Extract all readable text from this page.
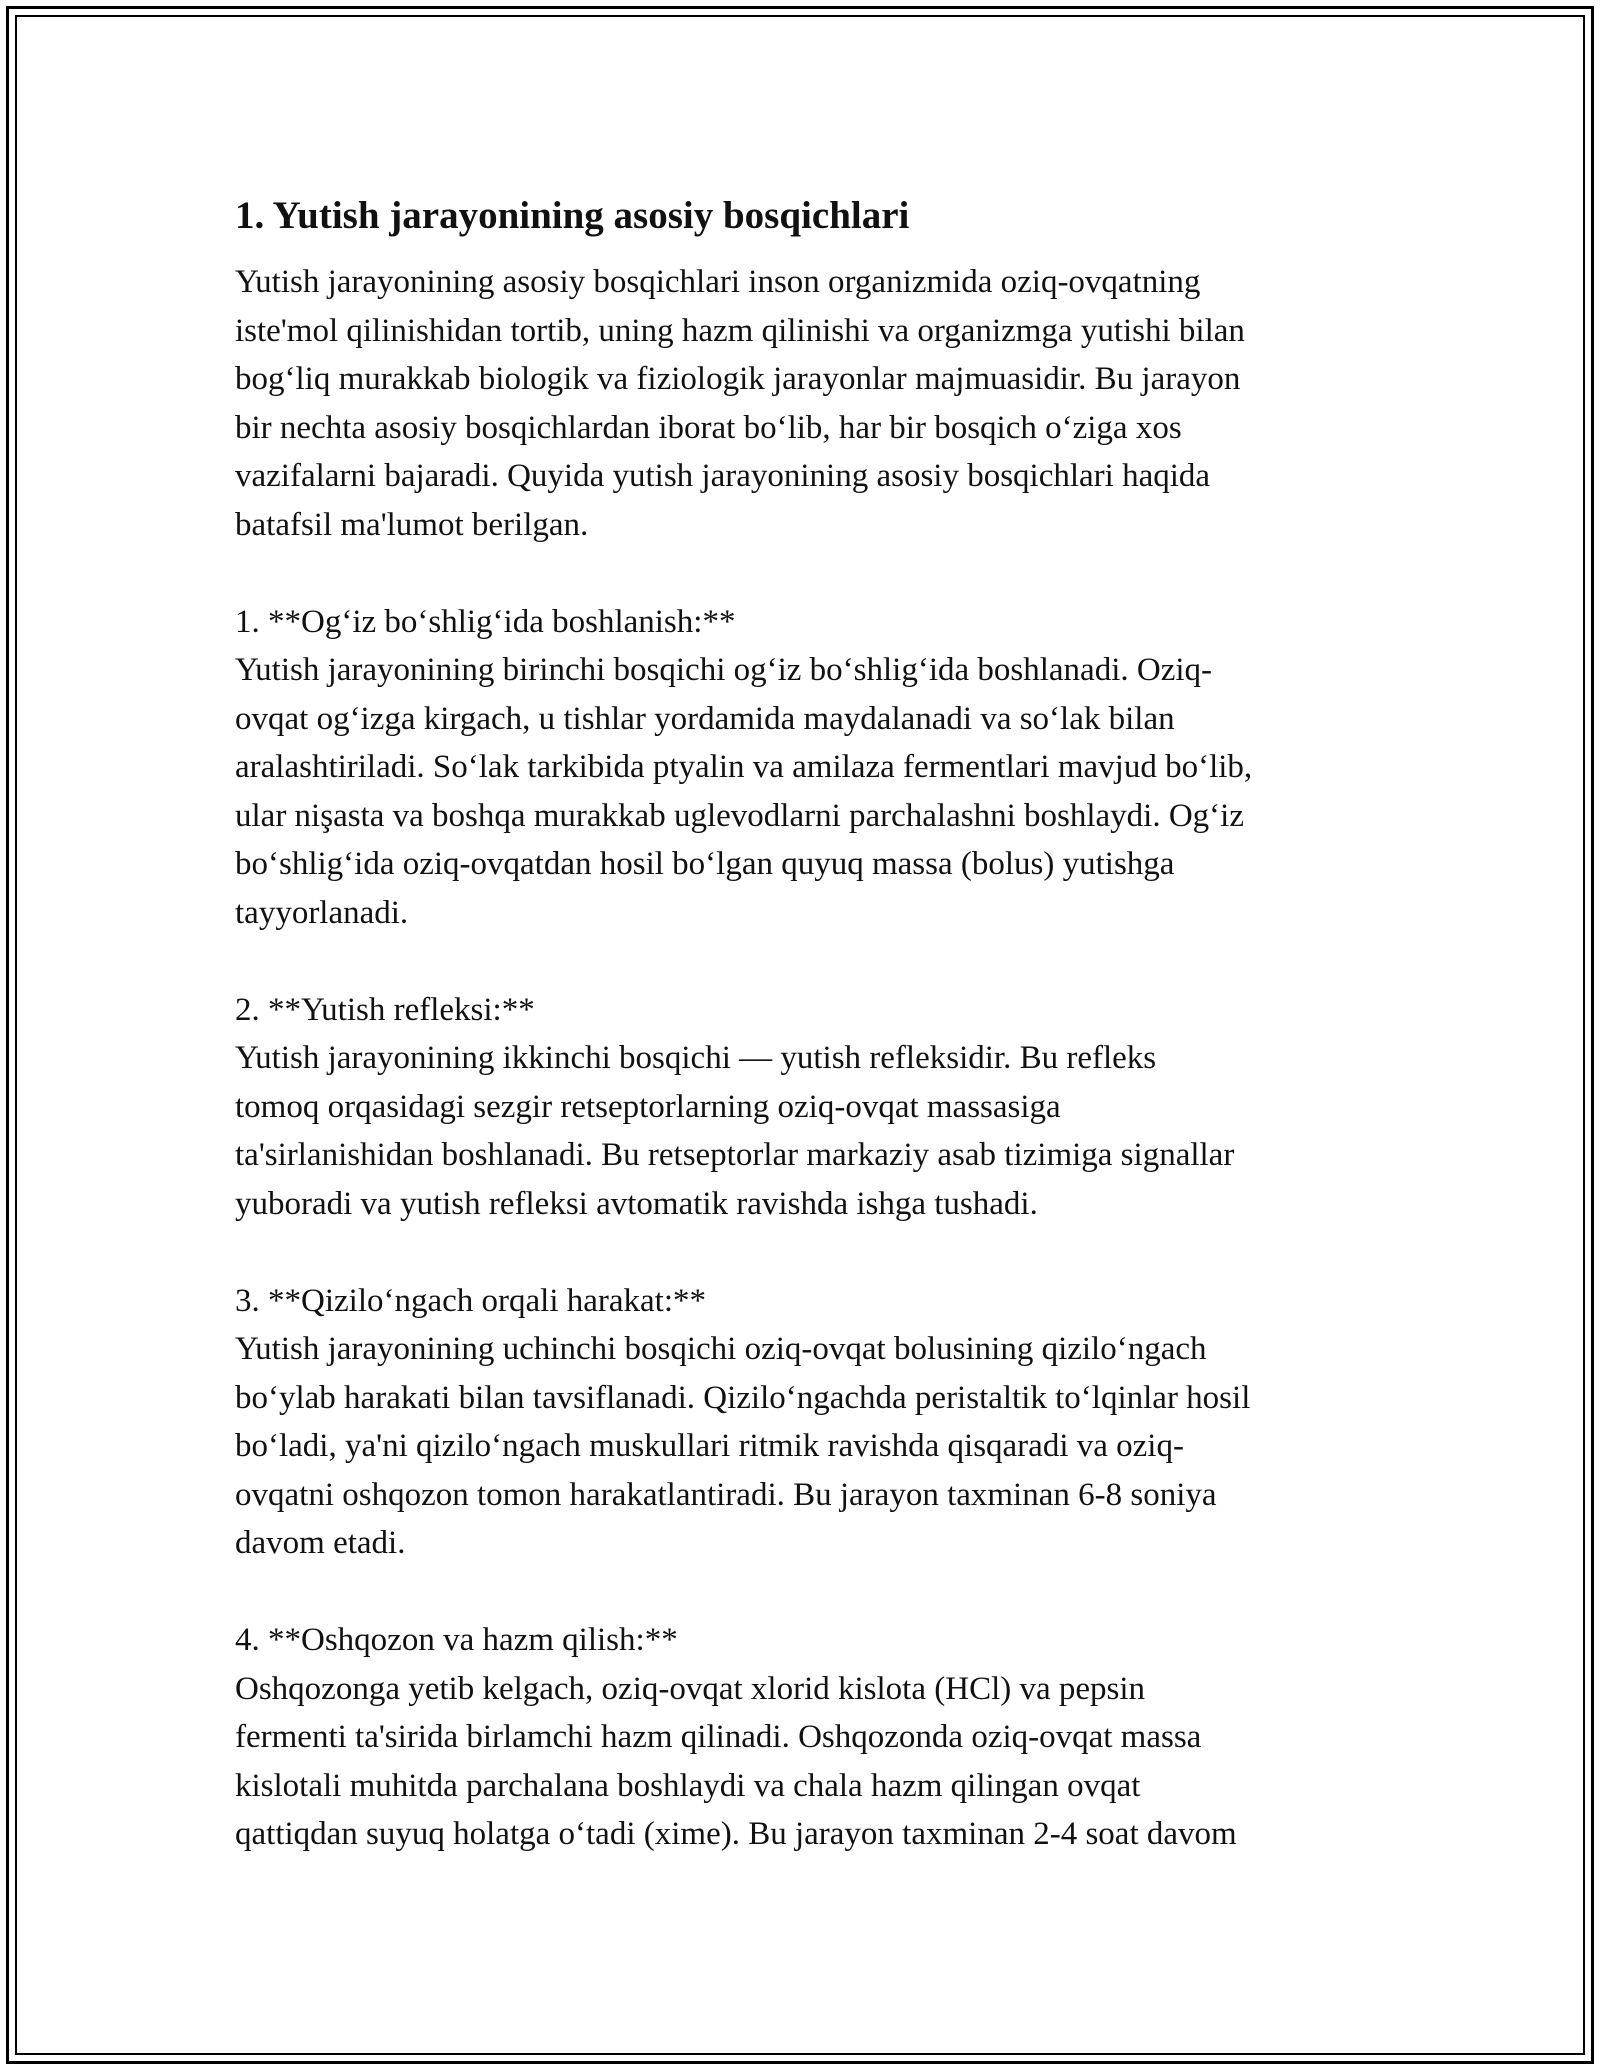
1. Yutish jarayonining asosiy bosqichlari

Yutish jarayonining asosiy bosqichlari inson organizmida oziq-ovqatning
iste'mol qilinishidan tortib, uning hazm qilinishi va organizmga yutishi bilan
bog‘liq murakkab biologik va fiziologik jarayonlar majmuasidir. Bu jarayon
bir nechta asosiy bosqichlardan iborat bo‘lib, har bir bosqich o‘ziga xos
vazifalarni bajaradi. Quyida yutish jarayonining asosiy bosqichlari haqida
batafsil ma'lumot berilgan.

1. **Og‘iz bo‘shlig‘ida boshlanish:**

Yutish jarayonining birinchi bosqichi og‘iz bo‘shlig‘ida boshlanadi. Oziq-
ovqat og‘izga kirgach, u tishlar yordamida maydalanadi va so‘lak bilan
aralashtiriladi. So‘lak tarkibida ptyalin va amilaza fermentlari mavjud bo‘lib,
ular nişasta va boshqa murakkab uglevodlarni parchalashni boshlaydi. Og‘iz
bo‘shlig‘ida oziq-ovqatdan hosil bo‘lgan quyuq massa (bolus) yutishga
tayyorlanadi.

2. **Yutish refleksi:**

Yutish jarayonining ikkinchi bosqichi — yutish refleksidir. Bu refleks
tomoq orqasidagi sezgir retseptorlarning oziq-ovqat massasiga
ta'sirlanishidan boshlanadi. Bu retseptorlar markaziy asab tizimiga signallar
yuboradi va yutish refleksi avtomatik ravishda ishga tushadi.

3. **Qizilo‘ngach orqali harakat:**

Yutish jarayonining uchinchi bosqichi oziq-ovqat bolusining qizilo‘ngach
bo‘ylab harakati bilan tavsiflanadi. Qizilo‘ngachda peristaltik to‘lqinlar hosil
bo‘ladi, ya'ni qizilo‘ngach muskullari ritmik ravishda qisqaradi va oziq-
ovqatni oshqozon tomon harakatlantiradi. Bu jarayon taxminan 6-8 soniya
davom etadi.

4. **Oshqozon va hazm qilish:**

Oshqozonga yetib kelgach, oziq-ovqat xlorid kislota (HCl) va pepsin
fermenti ta'sirida birlamchi hazm qilinadi. Oshqozonda oziq-ovqat massa
kislotali muhitda parchalana boshlaydi va chala hazm qilingan ovqat
qattiqdan suyuq holatga o‘tadi (xime). Bu jarayon taxminan 2-4 soat davom
